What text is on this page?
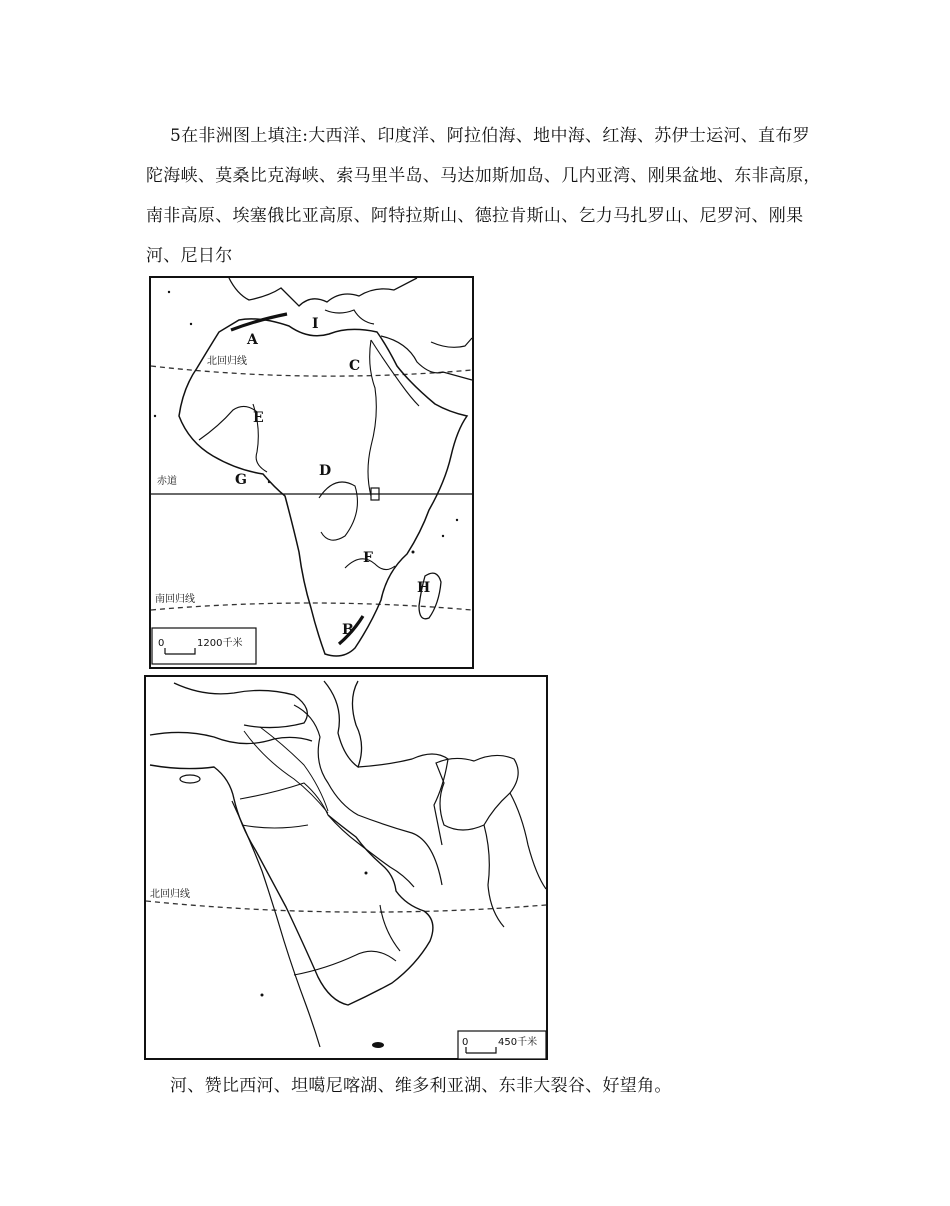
5在非洲图上填注:大西洋、印度洋、阿拉伯海、地中海、红海、苏伊士运河、直布罗陀海峡、莫桑比克海峡、索马里半岛、马达加斯加岛、几内亚湾、刚果盆地、东非高原，南非高原、埃塞俄比亚高原、阿特拉斯山、德拉肯斯山、乞力马扎罗山、尼罗河、刚果河、尼日尔

A
B
C
D
E
F
G
H
I
北回归线
赤道
南回归线
0	1200千米
北回归线
0	450千米

河、赞比西河、坦噶尼喀湖、维多利亚湖、东非大裂谷、好望角。
